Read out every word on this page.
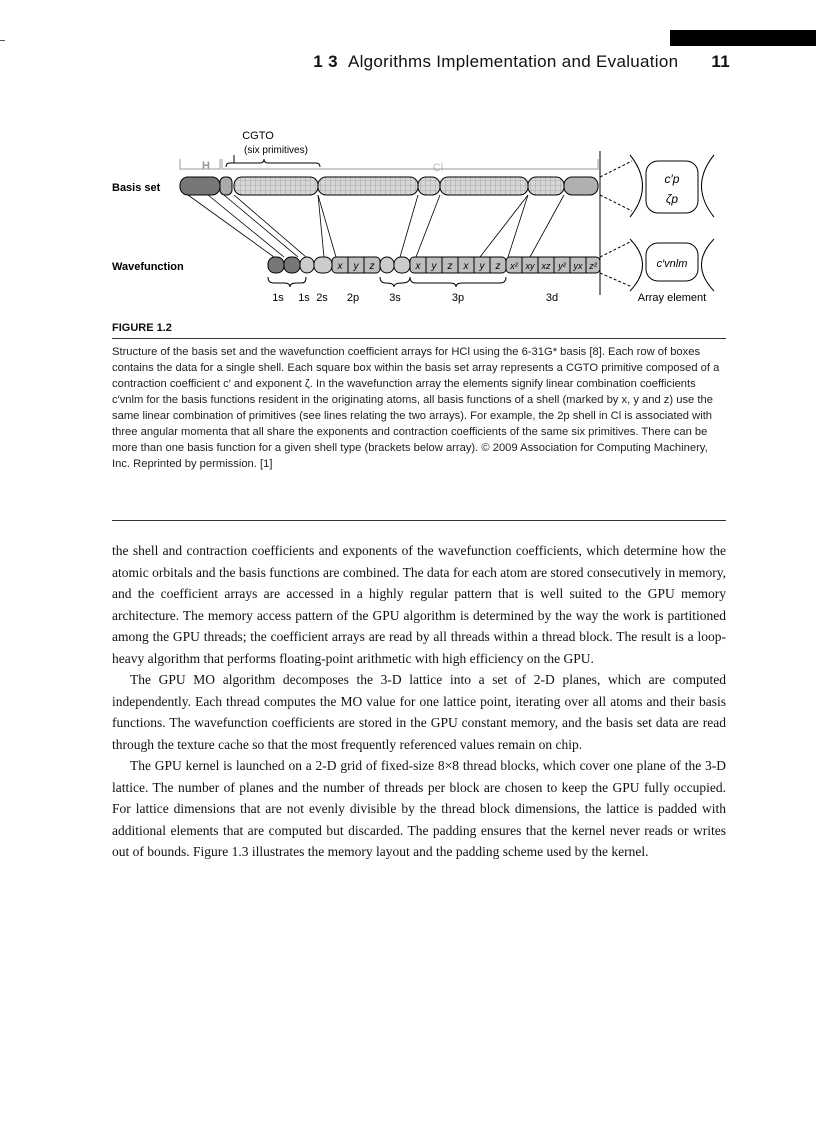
1 3 Algorithms Implementation and Evaluation 11
CGTO
(six primitives)
H	Cl
Basis set
Wavefunction	x y z	x y z x y z x² xy xz y² yx z²
1s 1s 2s 2p	3s	3p	3d	Array element
c′p
ζp
c′vnlm
FIGURE 1.2
Structure of the basis set and the wavefunction coefficient arrays for HCl using the 6-31G* basis [8]. Each row of boxes contains the data for a single shell. Each square box within the basis set array represents a CGTO primitive composed of a contraction coefficient c′ and exponent ζ. In the wavefunction array the elements signify linear combination coefficients c′vnlm for the basis functions resident in the originating atoms, all basis functions of a shell (marked by x, y and z) use the same linear combination of primitives (see lines relating the two arrays). For example, the 2p shell in Cl is associated with three angular momenta that all share the exponents and contraction coefficients of the same six primitives. There can be more than one basis function for a given shell type (brackets below array). © 2009 Association for Computing Machinery, Inc. Reprinted by permission. [1]

the shell and contraction coefficients and exponents of the wavefunction coefficients, which determine how the atomic orbitals and the basis functions are combined. The data for each atom are stored consecutively in memory, and the coefficient arrays are accessed in a highly regular pattern that is well suited to the GPU memory architecture. The memory access pattern of the GPU algorithm is determined by the way the work is partitioned among the GPU threads; the coefficient arrays are read by all threads within a thread block. The result is a loop-heavy algorithm that performs floating-point arithmetic with high efficiency on the GPU.

The GPU MO algorithm decomposes the 3-D lattice into a set of 2-D planes, which are computed independently. Each thread computes the MO value for one lattice point, iterating over all atoms and their basis functions. The wavefunction coefficients are stored in the GPU constant memory, and the basis set data are read through the texture cache so that the most frequently referenced values remain on chip.

The GPU kernel is launched on a 2-D grid of fixed-size 8×8 thread blocks, which cover one plane of the 3-D lattice. The number of planes and the number of threads per block are chosen to keep the GPU fully occupied. For lattice dimensions that are not evenly divisible by the thread block dimensions, the lattice is padded with additional elements that are computed but discarded. The padding ensures that the kernel never reads or writes out of bounds. Figure 1.3 illustrates the memory layout and the padding scheme used by the kernel.
